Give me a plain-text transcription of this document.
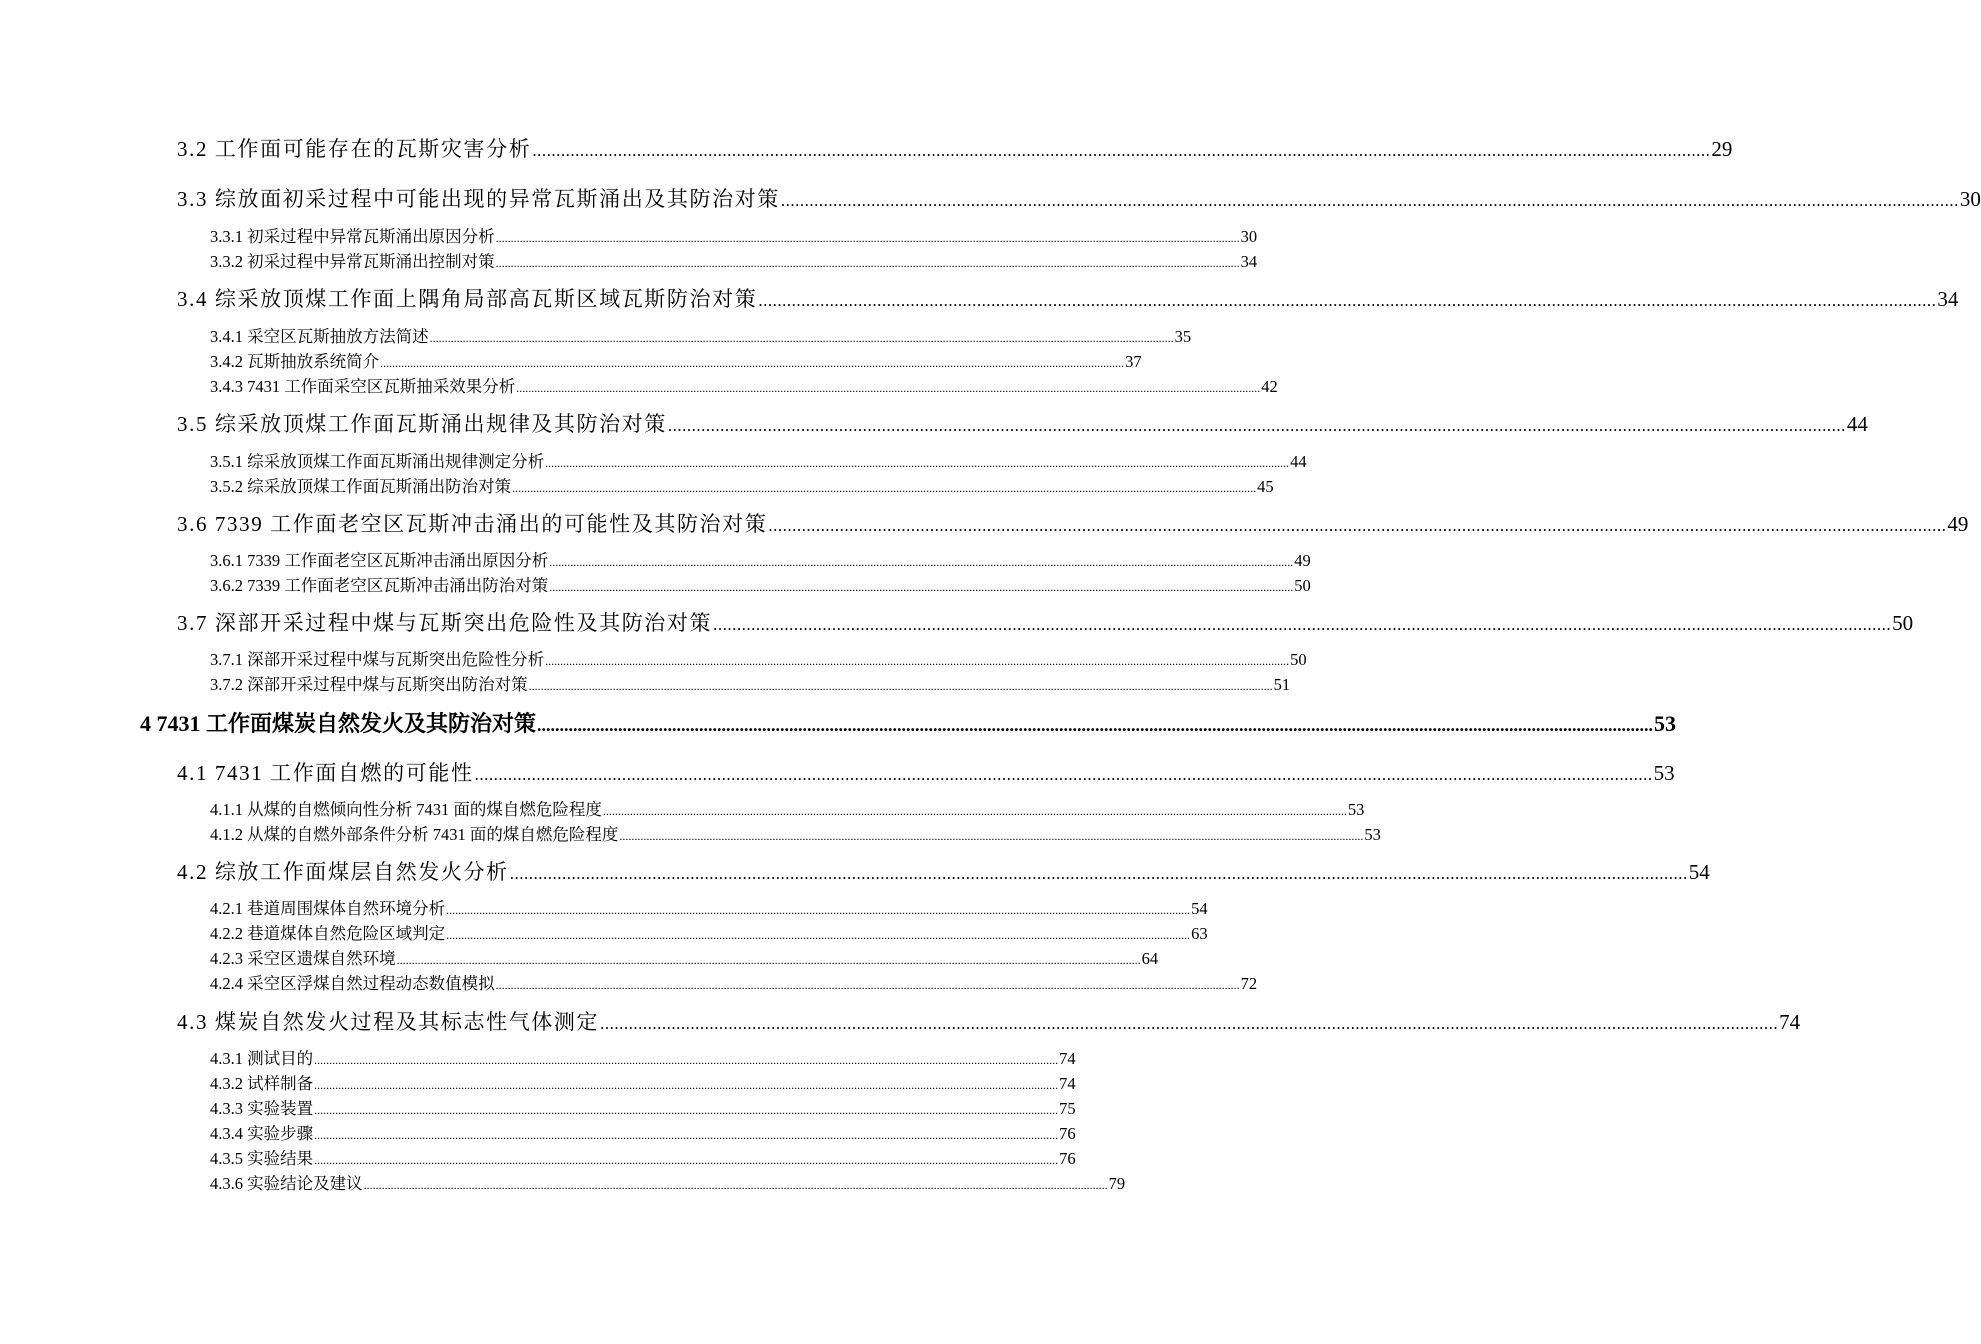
3.2 工作面可能存在的瓦斯灾害分析 ........................................................................................................................................................................................................................................................ 29
3.3 综放面初采过程中可能出现的异常瓦斯涌出及其防治对策 ........................................................................................................................................................................................................................................................ 30
3.3.1 初采过程中异常瓦斯涌出原因分析 ........................................................................................................................................................................................................................................................ 30
3.3.2 初采过程中异常瓦斯涌出控制对策 ........................................................................................................................................................................................................................................................ 34
3.4 综采放顶煤工作面上隅角局部高瓦斯区域瓦斯防治对策 ........................................................................................................................................................................................................................................................ 34
3.4.1 采空区瓦斯抽放方法简述 ........................................................................................................................................................................................................................................................ 35
3.4.2 瓦斯抽放系统简介 ........................................................................................................................................................................................................................................................ 37
3.4.3 7431 工作面采空区瓦斯抽采效果分析 ........................................................................................................................................................................................................................................................ 42
3.5 综采放顶煤工作面瓦斯涌出规律及其防治对策 ........................................................................................................................................................................................................................................................ 44
3.5.1 综采放顶煤工作面瓦斯涌出规律测定分析 ........................................................................................................................................................................................................................................................ 44
3.5.2 综采放顶煤工作面瓦斯涌出防治对策 ........................................................................................................................................................................................................................................................ 45
3.6 7339 工作面老空区瓦斯冲击涌出的可能性及其防治对策 ........................................................................................................................................................................................................................................................ 49
3.6.1 7339 工作面老空区瓦斯冲击涌出原因分析 ........................................................................................................................................................................................................................................................ 49
3.6.2 7339 工作面老空区瓦斯冲击涌出防治对策 ........................................................................................................................................................................................................................................................ 50
3.7 深部开采过程中煤与瓦斯突出危险性及其防治对策 ........................................................................................................................................................................................................................................................ 50
3.7.1 深部开采过程中煤与瓦斯突出危险性分析 ........................................................................................................................................................................................................................................................ 50
3.7.2 深部开采过程中煤与瓦斯突出防治对策 ........................................................................................................................................................................................................................................................ 51
4 7431 工作面煤炭自然发火及其防治对策 ........................................................................................................................................................................................................................................................ 53
4.1 7431 工作面自燃的可能性 ........................................................................................................................................................................................................................................................ 53
4.1.1 从煤的自燃倾向性分析 7431 面的煤自燃危险程度 ........................................................................................................................................................................................................................................................ 53
4.1.2 从煤的自燃外部条件分析 7431 面的煤自燃危险程度 ........................................................................................................................................................................................................................................................ 53
4.2 综放工作面煤层自然发火分析 ........................................................................................................................................................................................................................................................ 54
4.2.1 巷道周围煤体自然环境分析 ........................................................................................................................................................................................................................................................ 54
4.2.2 巷道煤体自然危险区域判定 ........................................................................................................................................................................................................................................................ 63
4.2.3 采空区遗煤自然环境 ........................................................................................................................................................................................................................................................ 64
4.2.4 采空区浮煤自然过程动态数值模拟 ........................................................................................................................................................................................................................................................ 72
4.3 煤炭自然发火过程及其标志性气体测定 ........................................................................................................................................................................................................................................................ 74
4.3.1 测试目的 ........................................................................................................................................................................................................................................................ 74
4.3.2 试样制备 ........................................................................................................................................................................................................................................................ 74
4.3.3 实验装置 ........................................................................................................................................................................................................................................................ 75
4.3.4 实验步骤 ........................................................................................................................................................................................................................................................ 76
4.3.5 实验结果 ........................................................................................................................................................................................................................................................ 76
4.3.6 实验结论及建议 ........................................................................................................................................................................................................................................................ 79
